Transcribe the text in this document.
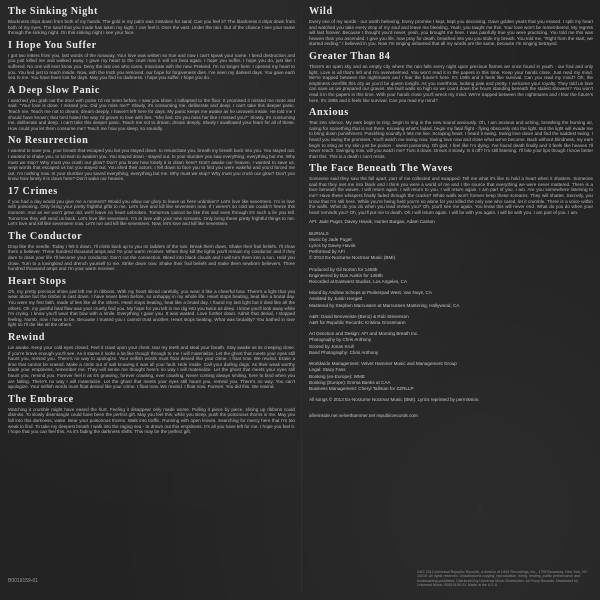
The Sinking Night

Blackness drips down from both of my hands. The gold in my palm was mistaken for sand. Can you feel it? The blackness it drips down from both of my eyes. The sand that you made has taken my sight. I can feel it. Over the vast. Under the rain. Out of the chance I see your name through the sinking night. On this sinking night I see your face.

I Hope You Suffer

I got two letters from you, last words of the runaway. Your love was written so true and now I can't speak your name. I bend destruction and you just killed me and walked away. I gave my heart to the cruel man it will not beat again. I hope you suffer. I hope you do, just like I suffered. No one will ever know you. Deny the last one who cares. Intoxicate with the new. Pretend. I'm no longer here. I opened my heart to you. You lied just to reach inside. Now, with the truth you removed, our hope for forgiveness dies. I've seen my darkest days. You gave each sea to me. You have been lost far days. May you find no darkness. I hope you suffer. I hope you do.

A Deep Slow Panic

I watched you grab out the door with poise I'd not seen before. I saw you shine. I collapsed to the floor. It promised it missed me more and said. "Your love is done. I missed you. Did you miss me?" Slowly, it's consuming me, deliberate and deep. I can't take this deeper panic. Teach me. Teach me not to dream, dream deeply. I haven't left here for days. My panic keeps me awake as he unravels inside. He told me I should have known; that he'd hated the way I'd grown to love with lies. "She lied. Do you miss her like I missed you?" Slowly, it's consuming me, deliberate and deep. I can't take this deeper panic. Teach me not to dream, dream deeply. Slowly I swallowed your fears for all of these. How could you let them consume me? Teach me how you sleep, so soundly.

No Resurrection

I wanted to save you, your breath that escaped you but you stayed down. to resuscitate you, breath my breath back into you. You stayed out. I wanted to shake you, to scream to awaken you. You stayed down - stayed out. In your slumber you saw everything, everything but me. Why must we stop? Why must you crush our glow? Don't you know how lonely it is down here? Don't awake our heaven. I wanted to save us, wept words that escaped us but you stayed out. You shed their actors. I fell down to face you to find you were wakeful and you'd forced me out. I'm nothing now. In your slumber you saved everything, everything but me. Why must we stop? Why must you crush our glow? Don't you know how lonely it is down here? Don't wake our heaven.

17 Crimes

If you had a day would you give me a moment? Would you allow our glory to leave us here unbroken? Let's love like seventeen. I'm in love with poisoning. Only bring your pretty frightful gifts to me. Let's love and kill like seventeen now. If I weren't so cold we couldn't freeze this moment. And as we won't grow old, we'll leave no heart unbroken. Tomorrow cannot be like this and even through it's such a lie you tell. Tomorrow they will send us back. Let's love like seventeen. I'm in love with your new screams. Only bring these pretty frightful things to me. Let's love and kill like seventeen now. Let's run and kill like seventeen. Now, let's love and kill like seventeen.

The Conductor

Drop like the needle. Today I felt it down. I'll climb back up to you on ladders of the rain. Break them down. Shake their frail beliefs. I'll show them a believer. Three hundred thousand amps and I'm your warm receiver. When they kill the lights you'll remain my conductor and if they dare to drain your life I'll become your conductor. Don't cut the connection. Bleed into black clouds and I will turn them into a sun. Hold you close. Turn to a lovingkind and drench yourself to me. Strike down now. Shake their frail beliefs and make them newborn believers. Three hundred thousand amps and I'm your warm receiver.

Heart Stops

Oh, my pretty precious shine just left me in ribbons. With my heart sliced carefully, you wear it like a cheerful bow. There's a light that you wear alone but the timber is cast down. I have never been before, so unhappy in my whole life. Heart stops beating, beat like a brutal day. You were my first faith, made of lies like all the others. Heart stops beating, beat like a brutal day. I found my last light but it died like all the others. Oh, my painful fatal flaw was your cruelty find you. My hope for you left in me dig into you twice as deep. I know you'll look away while I'm crying. I know you'll wear that bow with a smile. Everything I gave you. It was wasted. Love further down. Admit that denial, I stopped feeling. Numb, now I have to be. Because I trusted you I cannot trust another. Heart stops beating. What was brutality? You bathed in love light so I'll die like all the others.

Rewind

Lie awake. Keep your cold eyes closed. Feel it crawl upon your chest, tear my teeth and steal your breath. Stay awake as its creeping close. If you're brave enough you'll see. As it stares it looks a lot like though through to me I will materialize. Let the ghost that meets your eyes still haunt you, remind you. There's no way to apologize. Your selfish words must float denied like your crime. I float now. We rewind. Erase a time that cannot be erased. Make a circle out of salt knowing it was all your fault. Hide inside. Call your darling dogs. As their weak worthy blade your emptiness, remember me. They will sense me thought here's no way I will materialize. Let the ghost that meets your eyes still haunt you, remind you. Forever feel it as it's gnawing, forever crawling, ever crawling. Never coming always smiling, here to bind when you are falling. There's no way I will materialize. Let the ghost that meets your eyes still haunt you, remind you. There's no way. You can't apologize. Your selfish words must float denied like your crime. I float now. We rewind. I float now. Forever. You did this. We rewind.

The Embrace

Watching it crumble might have eased the hurt. Feeling it disappear only made worse. Pulling it piece by piece, slicing up ribbons could dismiss. To slowly disentangle could have been the perfect gift. May you feel this, while you sleep, push the poisonous thorns in me. May you fall into this darkness, wake. Bear your poisonous thorns. Walk into traffic. Running with open knives. Searching for mercy here that I'm too weak to find. To take my deepest breath I walk into the raging sea - to drown out this emptiness. It's all you have left for me. I hope you feel it. I hope that you can feel this. As it's fading the darkness shifts. This may be the perfect gift.

B0019159-01
Wild

Every one of my words - our worth believing. Every promise I kept, kept you deceiving. Gave golden years that you erased. I split my heart and watched you take every drop of my soul and leave me bleeding. Yeah, you taught me this. Your love won't be remembered. My regrets will last forever. Because I thought you'd never, yeah, you brought me here. I was painfully true you were practicing. You told me this was heaven than you ascended. I give you life, now pray for death, breathed into you you stole my breath. You told me, "Right from the start, we started ending." I believed in you. Now I'm singing ashamed that all my words are the same, because I'm singing betrayed.

Greater Than 84

There's an open sky and an empty city where the rain falls every night upon precious flames we once found in youth - our foul and only light. Love is all that's left and I'm overwhelmed. You won't read it in the papers in this time. Keep your hands close. Just read my mind. We're trapped between the nightmares and I fear the future's here. It's 1985 and it feels like survival. Can you read my mind? Oh, the emptiness overfills this city as you'd be queen tonight. As you overthrow, looking pale and pretty, I welcome your royalty. They told us love can save us we prepared our graves. We built walls so high so we count down the hours standing beneath the stalest showers? You won't read it in the papers in this time. With your hands close you'll wreck my mind. We're trapped between the nightmares and I fear the future's here. It's 1985 and it feels like survival. Can you read my mind?

Anxious

Tear into silence. My ears begin to ring, begin to ring in the new sound anxiously. Oh, I am anxious and aching, breathing the burning air, caring for something that is not there. Knowing what's faded, begin my fatal flight - flying obscurely into the light. But the light will evade me to bring down punishment. Punishing soundly it lets me live. Scraping heart. I heard it swing. Swing love down and find the saddest swing. I heard you swing the promises. You'll watch me swing now. Swing love now and close what we've become. Back without blindness, my ears begin to sting as my skin just be poison - sweet poisoning. Oh god, I feel like I'm dying. I've found death finally and it feels like heaven I'll never reach. Swinging now, will you watch me? Turn it down. Drown it slowly. Is it off? I'm still listening. I'll bite your lips though I know better than this. This is a death I can't resist.

The Face Beneath The Waves

Someone said they saw the fall apart, part of me collected and swapped. Tell me what it's like to hold a heart when it shatters. Someone said that they met me into black and I think you were a world of me and I the source that everything we were never mattered. There is a face beneath the waves. I will return again. I will return to you. I will return again. I am part of you. I am. Are you somewhere listening to me? Have these whispers finally faded through the cracks? White walls won't forever keep these screams. They will shatter. Secretly, you know that I'm still here. While you're being held you're so alone for you killed the only one who cared, let it crumble. There is a voice within the walls. What do you do when you lead invites you? Oh, you'll see me again. You know this will never end. What do you do when your heart reminds you? Oh, you'll put me to death. Oh I will return again. I will be with you again. I will be with you. I am part of you. I am.

AFI: Jade Puget, Davey Havok, Hunter Burgan, Adam Carson
BURIALS
Music by Jade Puget
Lyrics by Davey Havok
Performed by AFI
© 2013 Ex-Nocturne Noctmar Music (BMI)
Produced by Gil Norton for 1458b
Engineered by Dan Austin for 1458b
Recorded at Eastwest Studios, Los Angeles, CA
Mixed by Andrew Scheps at Punkerpad West, Van Nuys, CA
Assisted by Justin Hergett
Mastered by Stephen Marcussen at Marcussen Mastering, Hollywood, CA
A&R: David Benveniste (Beno) & Rob Stevenson
A&R for Republic Records: Kristina Grossmann
Art Direction and Design: AFI and Morning Breath Inc.
Photography by Chris Anthony
Scored by Jonas Krull
Band Photography: Chris Anthony
Worldwide Management: Velvet Hammer Music and Management Group
Legal: Stacy Fass
Booking (ex-Europe): WME
Booking (Europe): Emma Banks at CAA
Business Management: Cheryl Tallman for ZZRLLP
All songs © 2013 Ex-Nocturne Noctmar Music (BMI). Lyrics reprinted by permission.
afireinside.net velvethammer.net republicrecords.com
℗&© 2013 Universal Republic Records, a division of UMG Recordings, Inc., 1755 Broadway, New York, NY 10019. All rights reserved. Unauthorized copying, reproduction, hiring, lending, public performance and broadcasting prohibited. Distributed by Universal Music Distribution. All Proxy Records. Distributed by Universal Music. B0019159-01. Made in the U.S.A.
